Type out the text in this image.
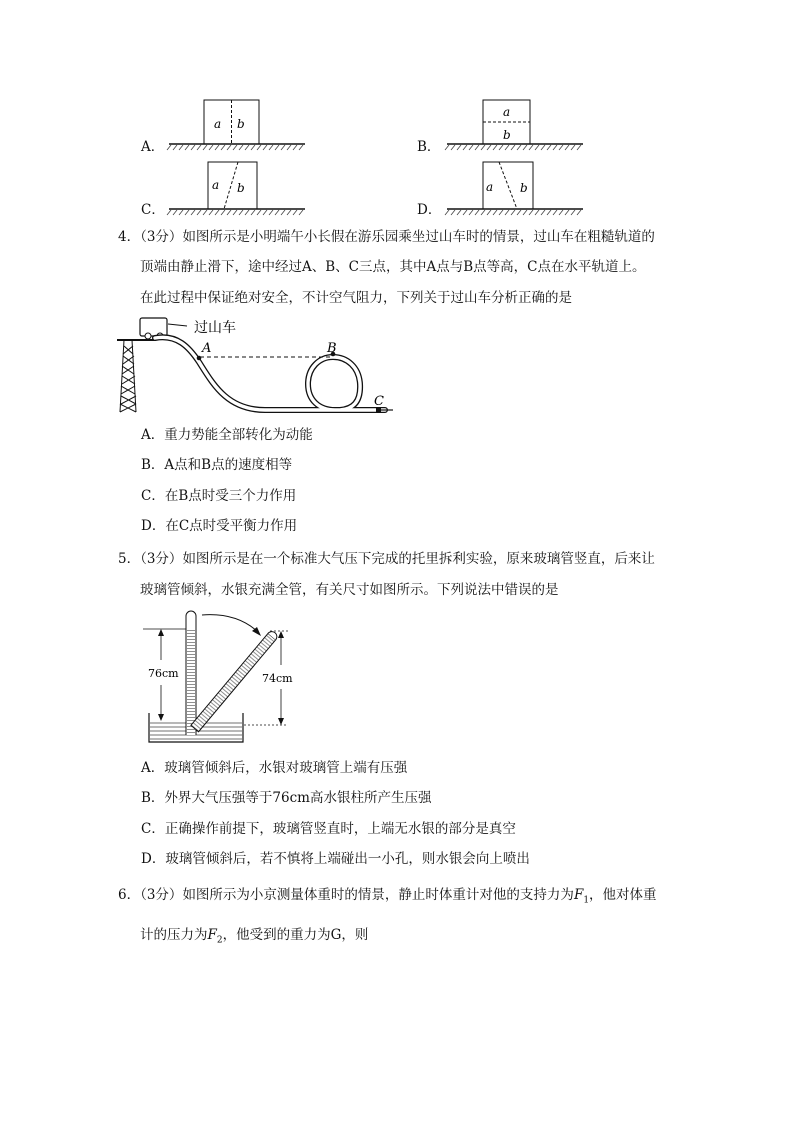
A．
a b
B．
a
b
C．
a b
D．
a b
4．（3分）如图所示是小明端午小长假在游乐园乘坐过山车时的情景，过山车在粗糙轨道的
顶端由静止滑下，途中经过A、B、C三点，其中A点与B点等高，C点在水平轨道上。
在此过程中保证绝对安全，不计空气阻力，下列关于过山车分析正确的是
过山车
A	B
C
A．重力势能全部转化为动能
B．A点和B点的速度相等
C．在B点时受三个力作用
D．在C点时受平衡力作用
5．（3分）如图所示是在一个标准大气压下完成的托里拆利实验，原来玻璃管竖直，后来让
玻璃管倾斜，水银充满全管，有关尺寸如图所示。下列说法中错误的是
76cm	74cm
A．玻璃管倾斜后，水银对玻璃管上端有压强
B．外界大气压强等于76cm高水银柱所产生压强
C．正确操作前提下，玻璃管竖直时，上端无水银的部分是真空
D．玻璃管倾斜后，若不慎将上端碰出一小孔，则水银会向上喷出
6．（3分）如图所示为小京测量体重时的情景，静止时体重计对他的支持力为$F_1$，他对体重
计的压力为$F_2$，他受到的重力为G，则
